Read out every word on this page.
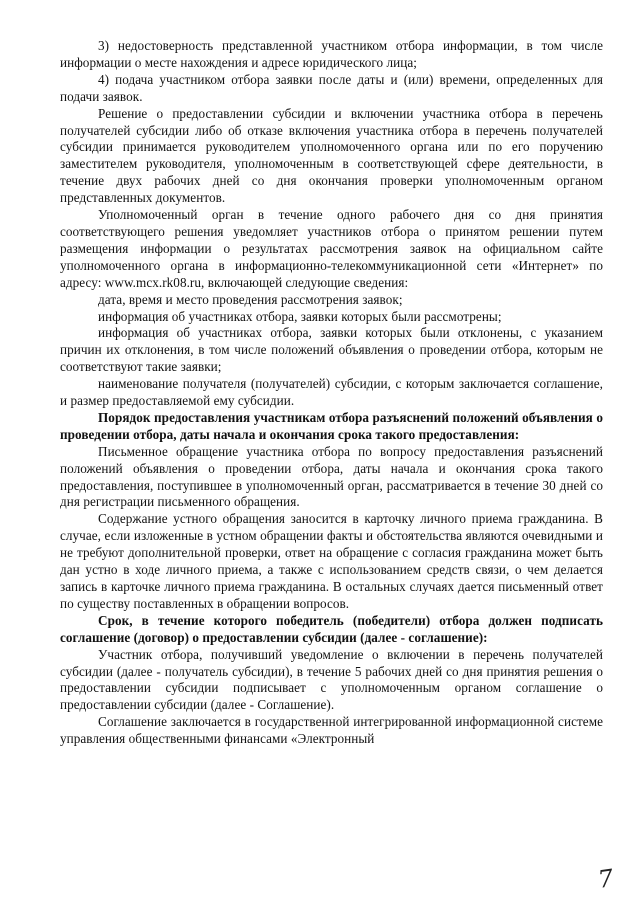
3) недостоверность представленной участником отбора информации, в том числе информации о месте нахождения и адресе юридического лица;

4) подача участником отбора заявки после даты и (или) времени, определенных для подачи заявок.

Решение о предоставлении субсидии и включении участника отбора в перечень получателей субсидии либо об отказе включения участника отбора в перечень получателей субсидии принимается руководителем уполномоченного органа или по его поручению заместителем руководителя, уполномоченным в соответствующей сфере деятельности, в течение двух рабочих дней со дня окончания проверки уполномоченным органом представленных документов.

Уполномоченный орган в течение одного рабочего дня со дня принятия соответствующего решения уведомляет участников отбора о принятом решении путем размещения информации о результатах рассмотрения заявок на официальном сайте уполномоченного органа в информационно-телекоммуникационной сети «Интернет» по адресу: www.mcx.rk08.ru, включающей следующие сведения:

дата, время и место проведения рассмотрения заявок;

информация об участниках отбора, заявки которых были рассмотрены;

информация об участниках отбора, заявки которых были отклонены, с указанием причин их отклонения, в том числе положений объявления о проведении отбора, которым не соответствуют такие заявки;

наименование получателя (получателей) субсидии, с которым заключается соглашение, и размер предоставляемой ему субсидии.

Порядок предоставления участникам отбора разъяснений положений объявления о проведении отбора, даты начала и окончания срока такого предоставления:

Письменное обращение участника отбора по вопросу предоставления разъяснений положений объявления о проведении отбора, даты начала и окончания срока такого предоставления, поступившее в уполномоченный орган, рассматривается в течение 30 дней со дня регистрации письменного обращения.

Содержание устного обращения заносится в карточку личного приема гражданина. В случае, если изложенные в устном обращении факты и обстоятельства являются очевидными и не требуют дополнительной проверки, ответ на обращение с согласия гражданина может быть дан устно в ходе личного приема, а также с использованием средств связи, о чем делается запись в карточке личного приема гражданина. В остальных случаях дается письменный ответ по существу поставленных в обращении вопросов.

Срок, в течение которого победитель (победители) отбора должен подписать соглашение (договор) о предоставлении субсидии (далее - соглашение):

Участник отбора, получивший уведомление о включении в перечень получателей субсидии (далее - получатель субсидии), в течение 5 рабочих дней со дня принятия решения о предоставлении субсидии подписывает с уполномоченным органом соглашение о предоставлении субсидии (далее - Соглашение).

Соглашение заключается в государственной интегрированной информационной системе управления общественными финансами «Электронный

7
